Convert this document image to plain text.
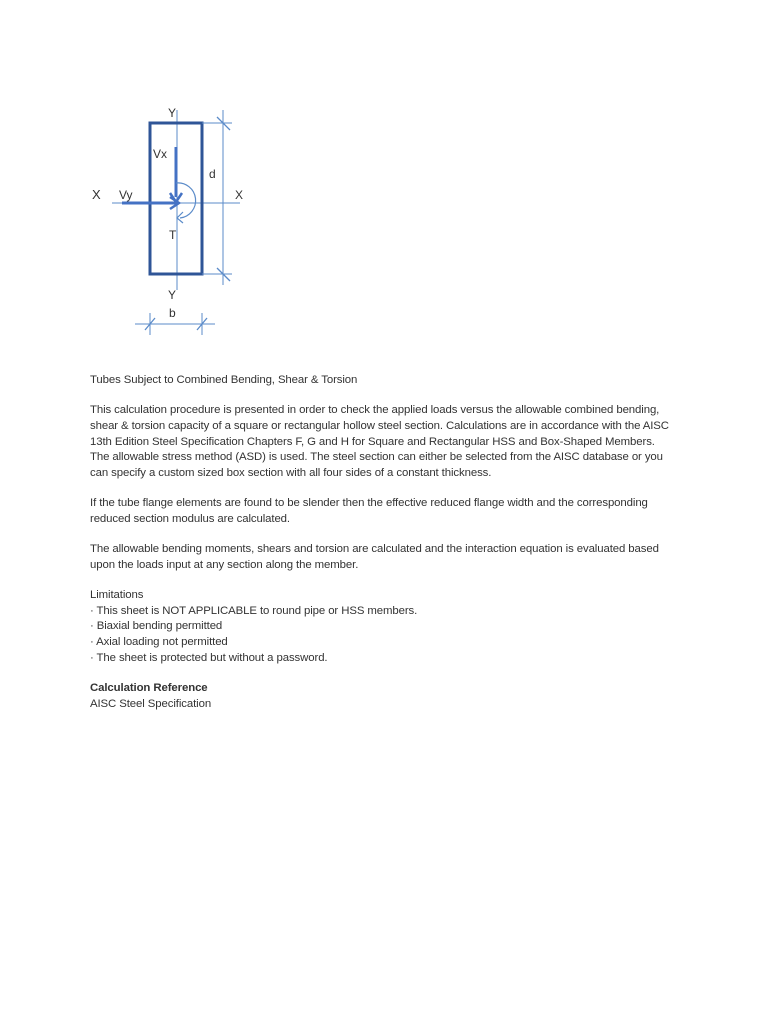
Y
Y
X	X
Vx
Vy
T
d
b

Tubes Subject to Combined Bending, Shear & Torsion

This calculation procedure is presented in order to check the applied loads versus the allowable combined bending,

shear & torsion capacity of a square or rectangular hollow steel section. Calculations are in accordance with the AISC

13th Edition Steel Specification Chapters F, G and H for Square and Rectangular HSS and Box-Shaped Members.

The allowable stress method (ASD) is used. The steel section can either be selected from the AISC database or you

can specify a custom sized box section with all four sides of a constant thickness.

If the tube flange elements are found to be slender then the effective reduced flange width and the corresponding

reduced section modulus are calculated.

The allowable bending moments, shears and torsion are calculated and the interaction equation is evaluated based

upon the loads input at any section along the member.

Limitations

· This sheet is NOT APPLICABLE to round pipe or HSS members.
· Biaxial bending permitted
· Axial loading not permitted
· The sheet is protected but without a password.

Calculation Reference

AISC Steel Specification
